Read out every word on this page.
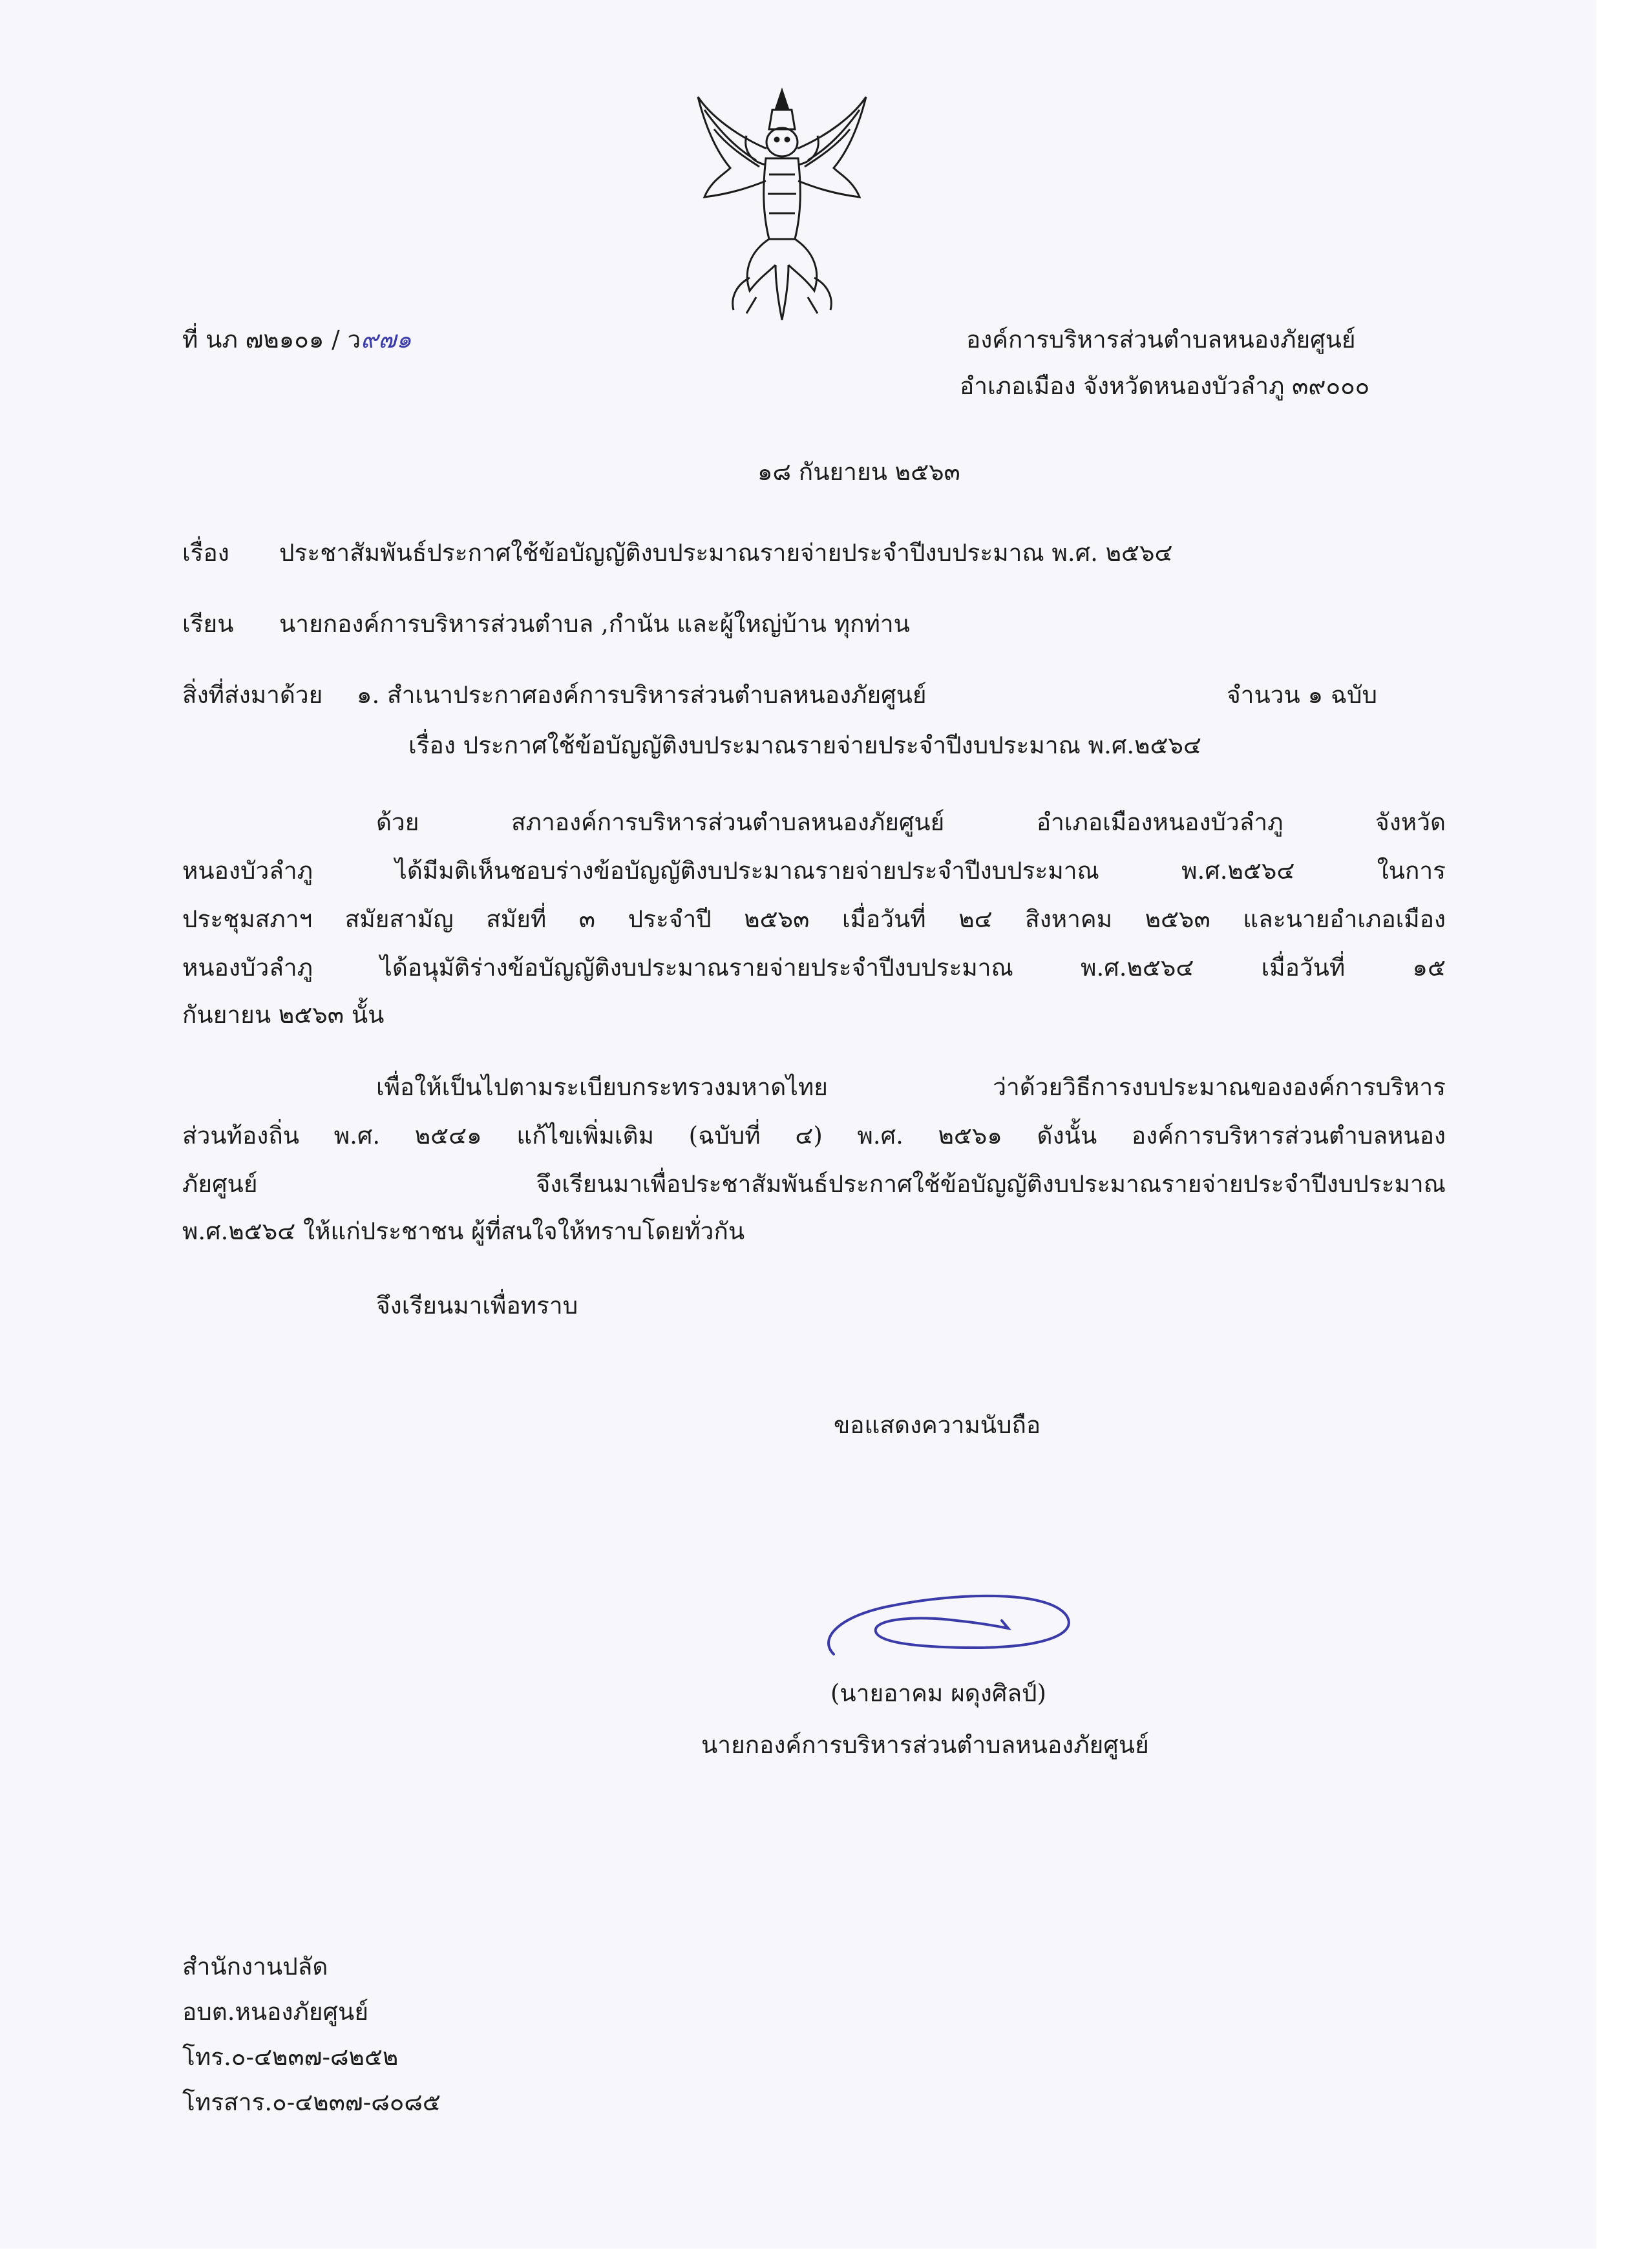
ที่ นภ ๗๒๑๐๑ / ว๙๗๑	องค์การบริหารส่วนตำบลหนองภัยศูนย์
อำเภอเมือง จังหวัดหนองบัวลำภู ๓๙๐๐๐
๑๘ กันยายน ๒๕๖๓
เรื่อง ประชาสัมพันธ์ประกาศใช้ข้อบัญญัติงบประมาณรายจ่ายประจำปีงบประมาณ พ.ศ. ๒๕๖๔
เรียน นายกองค์การบริหารส่วนตำบล ,กำนัน และผู้ใหญ่บ้าน ทุกท่าน
สิ่งที่ส่งมาด้วย ๑. สำเนาประกาศองค์การบริหารส่วนตำบลหนองภัยศูนย์	จำนวน ๑ ฉบับ
เรื่อง ประกาศใช้ข้อบัญญัติงบประมาณรายจ่ายประจำปีงบประมาณ พ.ศ.๒๕๖๔
ด้วย สภาองค์การบริหารส่วนตำบลหนองภัยศูนย์ อำเภอเมืองหนองบัวลำภู จังหวัด
หนองบัวลำภู ได้มีมติเห็นชอบร่างข้อบัญญัติงบประมาณรายจ่ายประจำปีงบประมาณ พ.ศ.๒๕๖๔ ในการ
ประชุมสภาฯ สมัยสามัญ สมัยที่ ๓ ประจำปี ๒๕๖๓ เมื่อวันที่ ๒๔ สิงหาคม ๒๕๖๓ และนายอำเภอเมือง
หนองบัวลำภู ได้อนุมัติร่างข้อบัญญัติงบประมาณรายจ่ายประจำปีงบประมาณ พ.ศ.๒๕๖๔ เมื่อวันที่ ๑๕
กันยายน ๒๕๖๓ นั้น
เพื่อให้เป็นไปตามระเบียบกระทรวงมหาดไทย ว่าด้วยวิธีการงบประมาณขององค์การบริหาร
ส่วนท้องถิ่น พ.ศ. ๒๕๔๑ แก้ไขเพิ่มเติม (ฉบับที่ ๔) พ.ศ. ๒๕๖๑ ดังนั้น องค์การบริหารส่วนตำบลหนอง
ภัยศูนย์ จึงเรียนมาเพื่อประชาสัมพันธ์ประกาศใช้ข้อบัญญัติงบประมาณรายจ่ายประจำปีงบประมาณ
พ.ศ.๒๕๖๔ ให้แก่ประชาชน ผู้ที่สนใจให้ทราบโดยทั่วกัน
จึงเรียนมาเพื่อทราบ
ขอแสดงความนับถือ
(นายอาคม ผดุงศิลป์)
นายกองค์การบริหารส่วนตำบลหนองภัยศูนย์
สำนักงานปลัด
อบต.หนองภัยศูนย์
โทร.๐-๔๒๓๗-๘๒๕๒
โทรสาร.๐-๔๒๓๗-๘๐๘๕
